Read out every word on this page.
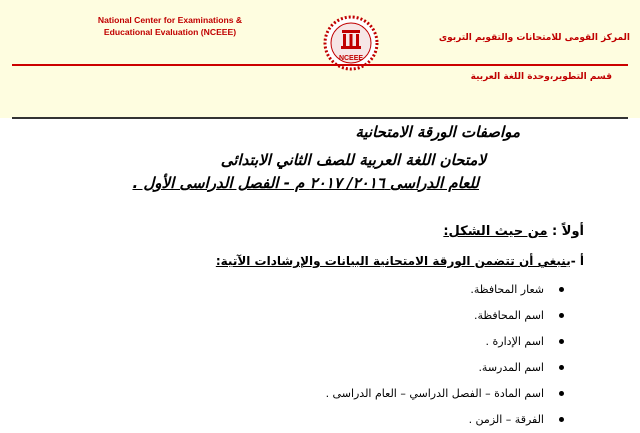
National Center for Examinations &
Educational Evaluation (NCEEE)
NCEEE
المركز القومى للامتحانات والتقويم التربوى
قسم التطوير،وحدة اللغة العربية
مواصفات الورقة الامتحانية
لامتحان اللغة العربية للصف الثاني الابتدائى
للعام الدراسى ٢٠١٦/ ٢٠١٧ م - الفصل الدراسى الأول .
أولاً : من حيث الشكل:
أ -ينبغي أن تتضمن الورقة الامتحانية البيانات والإرشادات الآتية:
شعار المحافظة.
اسم المحافظة.
اسم الإدارة .
اسم المدرسة.
اسم المادة – الفصل الدراسي – العام الدراسى .
الفرقة – الزمن .
